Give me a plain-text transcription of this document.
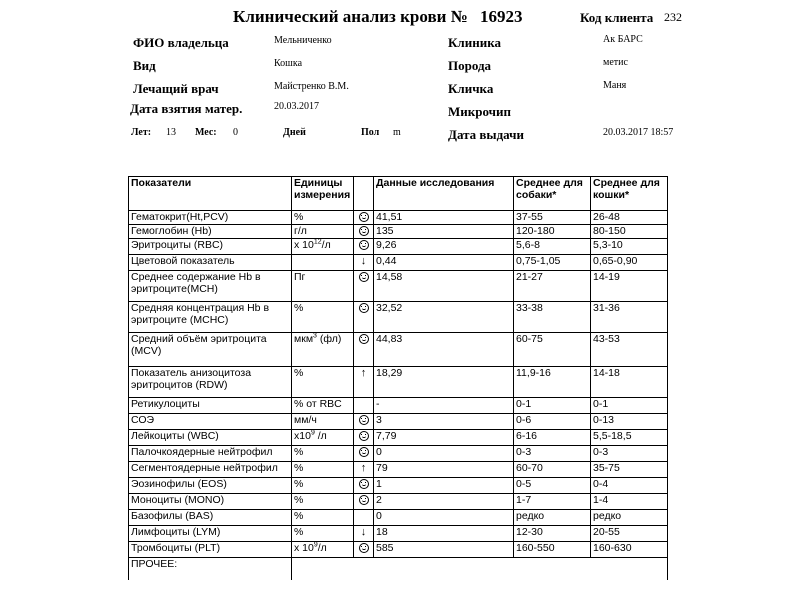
Клинический анализ крови № 16923	Код клиента 232
ФИО владельца	Мельниченко
Вид	Кошка
Лечащий врач	Майстренко В.М.
Дата взятия матер.	20.03.2017
Лет: 13 Мес: 0	Дней	Пол m
Клиника	Ак БАРС
Порода	метис
Кличка	Маня
Микрочип
Дата выдачи	20.03.2017 18:57
Показатели	Единицы измерения		Данные исследования	Среднее для собаки*	Среднее для кошки*
Гематокрит(Ht,PCV)	%		41,51	37-55	26-48
Гемоглобин (Hb)	г/л		135	120-180	80-150
Эритроциты (RBC)	x $10^{12}/л$		9,26	5,6-8	5,3-10
Цветовой показатель		↓	0,44	0,75-1,05	0,65-0,90
Среднее содержание Hb в эритроците(MCH)	Пг		14,58	21-27	14-19
Средняя концентрация Hb в эритроците (MCHC)	%		32,52	33-38	31-36
Средний объём эритроцита (MCV)	мкм$^3$ (фл)		44,83	60-75	43-53
Показатель анизоцитоза эритроцитов (RDW)	%	↑	18,29	11,9-16	14-18
Ретикулоциты	% от RBC		-	0-1	0-1
СОЭ	мм/ч		3	0-6	0-13
Лейкоциты (WBC)	$x10^9$ /л		7,79	6-16	5,5-18,5
Палочкоядерные нейтрофил	%		0	0-3	0-3
Сегментоядерные нейтрофил	%	↑	79	60-70	35-75
Эозинофилы (EOS)	%		1	0-5	0-4
Моноциты (MONO)	%		2	1-7	1-4
Базофилы (BAS)	%		0	редко	редко
Лимфоциты (LYM)	%	↓	18	12-30	20-55
Тромбоциты (PLT)	x $10^9/л$		585	160-550	160-630
ПРОЧЕЕ:					
